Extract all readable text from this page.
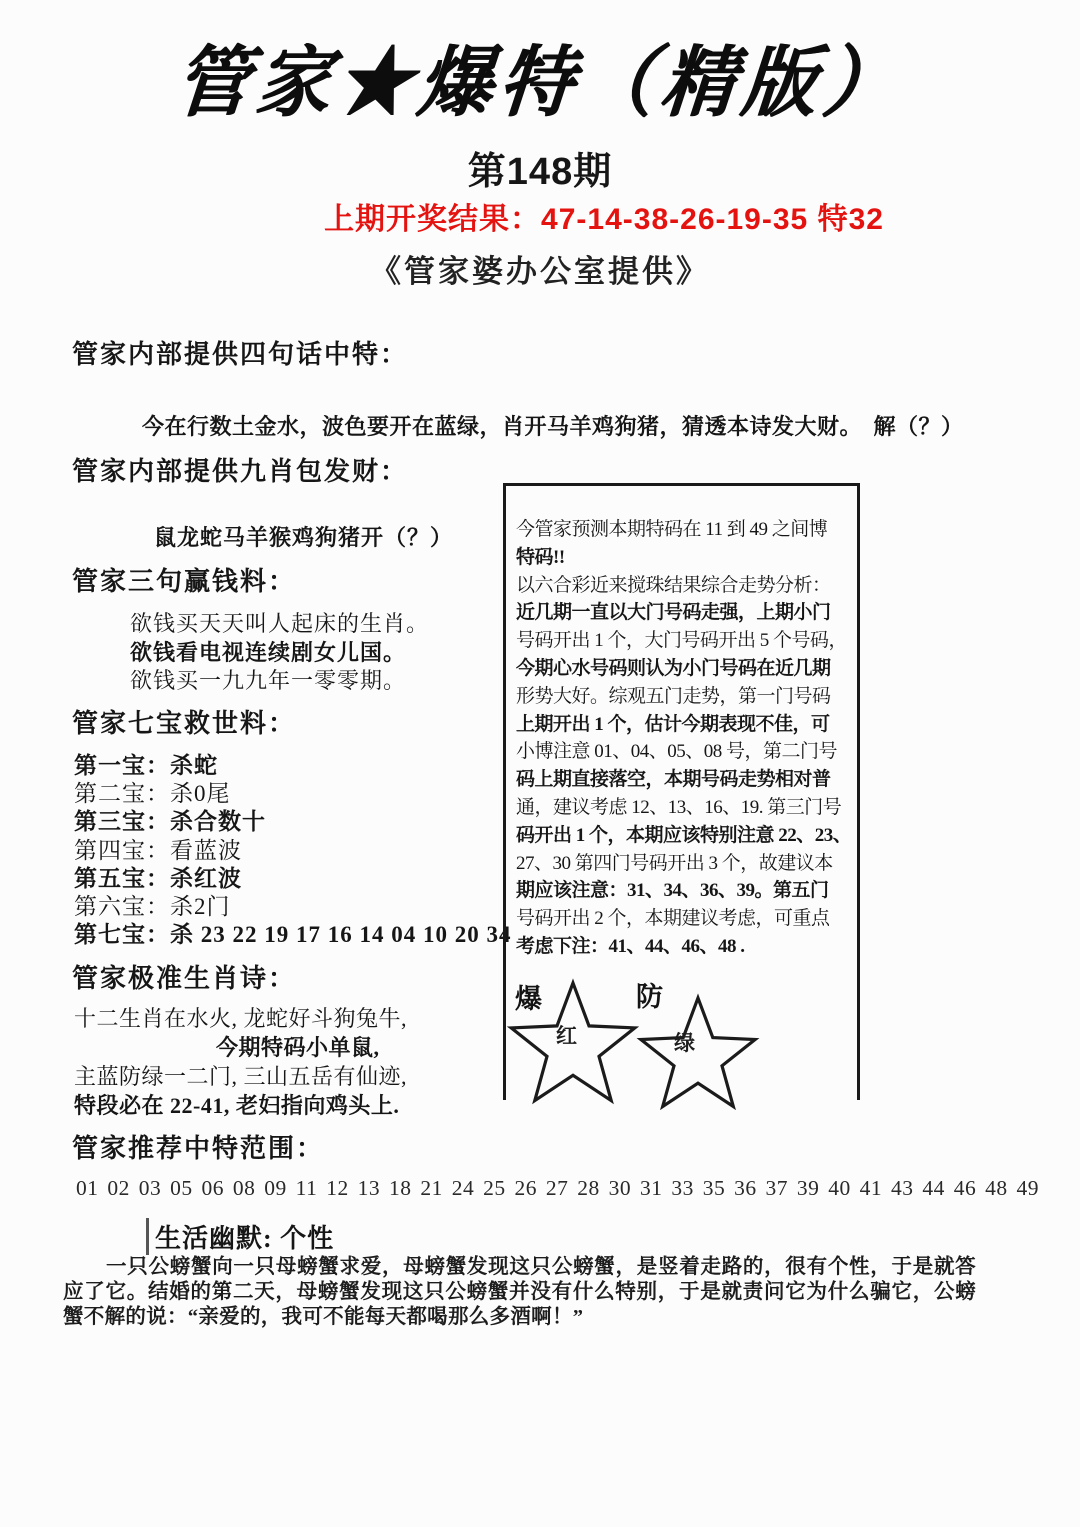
管家★爆特（精版）
第148期
上期开奖结果：47-14-38-26-19-35 特32
《管家婆办公室提供》
管家内部提供四句话中特：
今在行数土金水，波色要开在蓝绿，肖开马羊鸡狗猪，猜透本诗发大财。　解（？）
管家内部提供九肖包发财：
鼠龙蛇马羊猴鸡狗猪开（？）
管家三句赢钱料：
欲钱买天天叫人起床的生肖。
欲钱看电视连续剧女儿国。
欲钱买一九九年一零零期。
管家七宝救世料：
第一宝：杀蛇
第二宝：杀0尾
第三宝：杀合数十
第四宝：看蓝波
第五宝：杀红波
第六宝：杀2门
第七宝：杀 23 22 19 17 16 14 04 10 20 34
管家极准生肖诗：
十二生肖在水火, 龙蛇好斗狗兔牛,
今期特码小单鼠,
主蓝防绿一二门, 三山五岳有仙迹,
特段必在 22-41, 老妇指向鸡头上.
管家推荐中特范围：
01 02 03 05 06 08 09 11 12 13 18 21 24 25 26 27 28 30 31 33 35 36 37 39 40 41 43 44 46 48 49
今管家预测本期特码在 11 到 49 之间博
特码!!
以六合彩近来搅珠结果综合走势分析：
近几期一直以大门号码走强，上期小门
号码开出 1 个，大门号码开出 5 个号码，
今期心水号码则认为小门号码在近几期
形势大好。综观五门走势，第一门号码
上期开出 1 个，估计今期表现不佳，可
小博注意 01、04、05、08 号，第二门号
码上期直接落空，本期号码走势相对普
通，建议考虑 12、13、16、19. 第三门号
码开出 1 个，本期应该特别注意 22、23、
27、30 第四门号码开出 3 个，故建议本
期应该注意：31、34、36、39。第五门
号码开出 2 个，本期建议考虑，可重点
考虑下注：41、44、46、48 .
爆
红
防
绿
生活幽默: 个性
一只公螃蟹向一只母螃蟹求爱，母螃蟹发现这只公螃蟹，是竖着走路的，很有个性，于是就答应了它。结婚的第二天，母螃蟹发现这只公螃蟹并没有什么特别，于是就责问它为什么骗它，公螃蟹不解的说：“亲爱的，我可不能每天都喝那么多酒啊！”
